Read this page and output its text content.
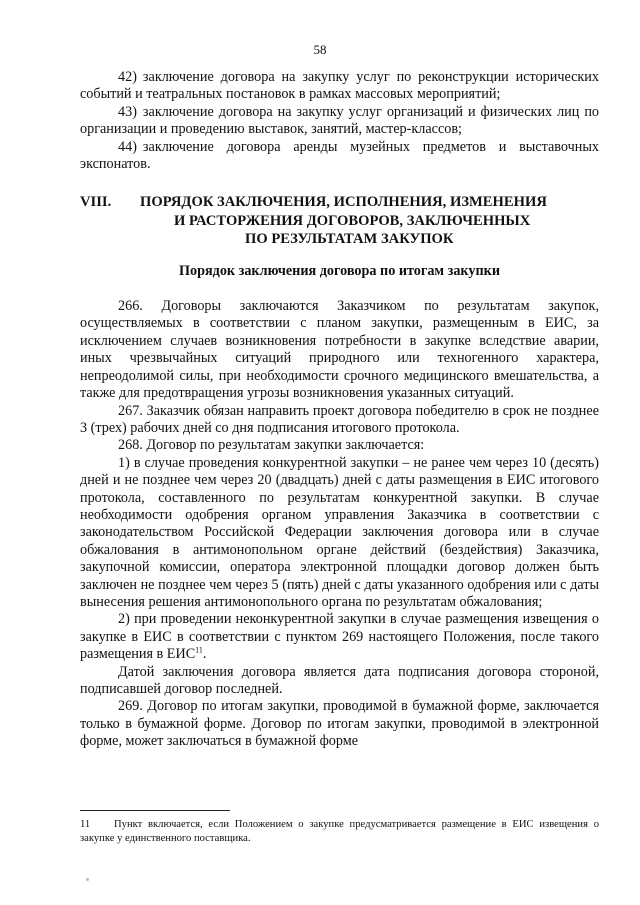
58

42) заключение договора на закупку услуг по реконструкции исторических событий и театральных постановок в рамках массовых мероприятий;

43) заключение договора на закупку услуг организаций и физических лиц по организации и проведению выставок, занятий, мастер-классов;

44) заключение договора аренды музейных предметов и выставочных экспонатов.

VIII. ПОРЯДОК ЗАКЛЮЧЕНИЯ, ИСПОЛНЕНИЯ, ИЗМЕНЕНИЯ
И РАСТОРЖЕНИЯ ДОГОВОРОВ, ЗАКЛЮЧЕННЫХ
ПО РЕЗУЛЬТАТАМ ЗАКУПОК
Порядок заключения договора по итогам закупки

266. Договоры заключаются Заказчиком по результатам закупок, осуществляемых в соответствии с планом закупки, размещенным в ЕИС, за исключением случаев возникновения потребности в закупке вследствие аварии, иных чрезвычайных ситуаций природного или техногенного характера, непреодолимой силы, при необходимости срочного медицинского вмешательства, а также для предотвращения угрозы возникновения указанных ситуаций.

267. Заказчик обязан направить проект договора победителю в срок не позднее 3 (трех) рабочих дней со дня подписания итогового протокола.

268. Договор по результатам закупки заключается:

1) в случае проведения конкурентной закупки – не ранее чем через 10 (десять) дней и не позднее чем через 20 (двадцать) дней с даты размещения в ЕИС итогового протокола, составленного по результатам конкурентной закупки. В случае необходимости одобрения органом управления Заказчика в соответствии с законодательством Российской Федерации заключения договора или в случае обжалования в антимонопольном органе действий (бездействия) Заказчика, закупочной комиссии, оператора электронной площадки договор должен быть заключен не позднее чем через 5 (пять) дней с даты указанного одобрения или с даты вынесения решения антимонопольного органа по результатам обжалования;

2) при проведении неконкурентной закупки в случае размещения извещения о закупке в ЕИС в соответствии с пунктом 269 настоящего Положения, после такого размещения в ЕИС$^{11}$.

Датой заключения договора является дата подписания договора стороной, подписавшей договор последней.

269. Договор по итогам закупки, проводимой в бумажной форме, заключается только в бумажной форме. Договор по итогам закупки, проводимой в электронной форме, может заключаться в бумажной форме

11 Пункт включается, если Положением о закупке предусматривается размещение в ЕИС извещения о закупке у единственного поставщика.
